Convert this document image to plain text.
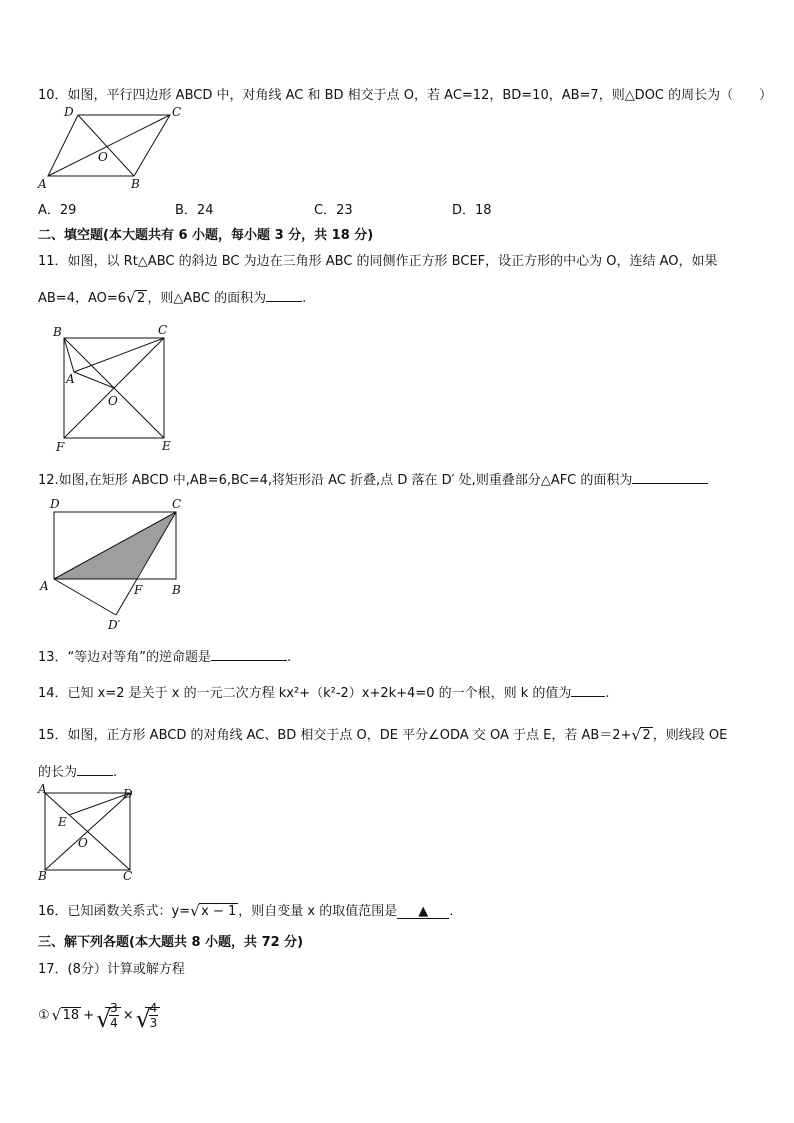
10．如图，平行四边形 ABCD 中，对角线 AC 和 BD 相交于点 O，若 AC=12，BD=10，AB=7，则△DOC 的周长为（　　）
D	C
O
A	B
A．29	B．24	C．23	D．18
二、填空题(本大题共有 6 小题，每小题 3 分，共 18 分)
11．如图，以 Rt△ABC 的斜边 BC 为边在三角形 ABC 的同侧作正方形 BCEF，设正方形的中心为 O，连结 AO，如果
AB=4，AO=6 √ 2 ，则△ABC 的面积为	.
B	C
A
O
F	E
12.如图,在矩形 ABCD 中,AB=6,BC=4,将矩形沿 AC 折叠,点 D 落在 D′ 处,则重叠部分△AFC 的面积为
D	C
A	F B
D′
13．“等边对等角”的逆命题是	.
14．已知 x=2 是关于 x 的一元二次方程 kx²+（k²-2）x+2k+4=0 的一个根，则 k 的值为	.
15．如图，正方形 ABCD 的对角线 AC、BD 相交于点 O，DE 平分∠ODA 交 OA 于点 E，若 AB＝2+ √ 2 ，则线段 OE
的长为	.
A	D
E
O
B	C
16．已知函数关系式：y= √ x − 1 ，则自变量 x 的取值范围是 ▲ .
三、解下列各题(本大题共 8 小题，共 72 分)
17．(8分）计算或解方程
① √ 18 + √
$\frac{3}{4}$ × √
$\frac{4}{3}$
